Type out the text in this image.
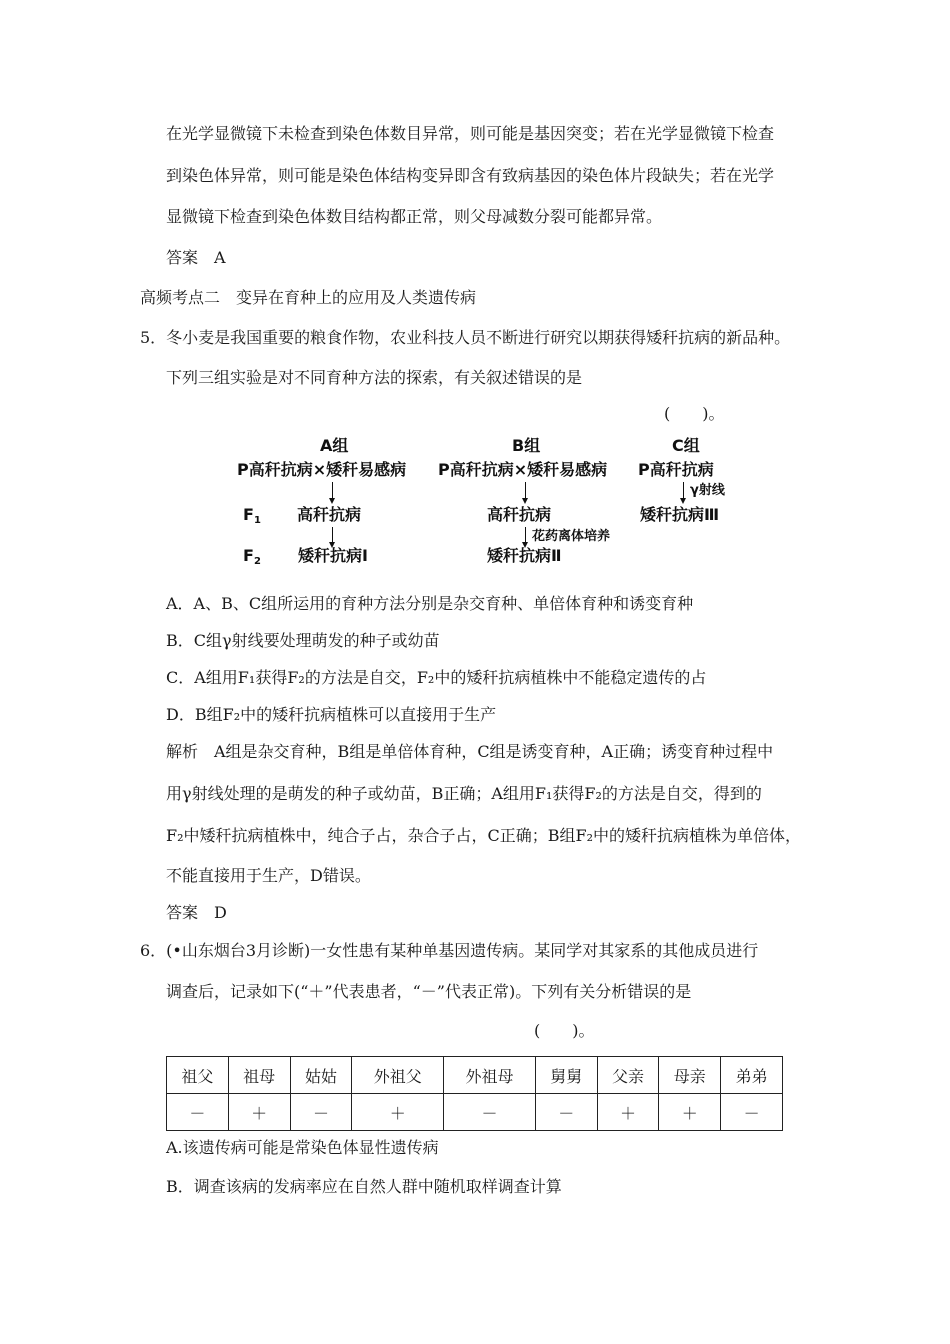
在光学显微镜下未检查到染色体数目异常，则可能是基因突变；若在光学显微镜下检查
到染色体异常，则可能是染色体结构变异即含有致病基因的染色体片段缺失；若在光学
显微镜下检查到染色体数目结构都正常，则父母减数分裂可能都异常。
答案　A
高频考点二　变异在育种上的应用及人类遗传病
5．冬小麦是我国重要的粮食作物，农业科技人员不断进行研究以期获得矮秆抗病的新品种。
下列三组实验是对不同育种方法的探索，有关叙述错误的是
(　　)。
A组	B组	C组
P高秆抗病×矮秆易感病 P高秆抗病×矮秆易感病 P高秆抗病
γ射线
$F_1$ 高秆抗病	高秆抗病	矮秆抗病Ⅲ
花药离体培养
$F_2$ 矮秆抗病Ⅰ	矮秆抗病Ⅱ
A．A、B、C组所运用的育种方法分别是杂交育种、单倍体育种和诱变育种
B．C组γ射线要处理萌发的种子或幼苗
C．A组用F₁获得F₂的方法是自交，F₂中的矮秆抗病植株中不能稳定遗传的占
D．B组F₂中的矮秆抗病植株可以直接用于生产
解析　A组是杂交育种，B组是单倍体育种，C组是诱变育种，A正确；诱变育种过程中
用γ射线处理的是萌发的种子或幼苗，B正确；A组用F₁获得F₂的方法是自交，得到的
F₂中矮秆抗病植株中，纯合子占，杂合子占，C正确；B组F₂中的矮秆抗病植株为单倍体，
不能直接用于生产，D错误。
答案　D
6．(•山东烟台3月诊断)一女性患有某种单基因遗传病。某同学对其家系的其他成员进行
调查后，记录如下(“＋”代表患者，“－”代表正常)。下列有关分析错误的是
(　　)。
祖父	祖母	姑姑	外祖父	外祖母	舅舅	父亲	母亲	弟弟
－	＋	－	＋	－	－	＋	＋	－
A.该遗传病可能是常染色体显性遗传病
B．调查该病的发病率应在自然人群中随机取样调查计算
